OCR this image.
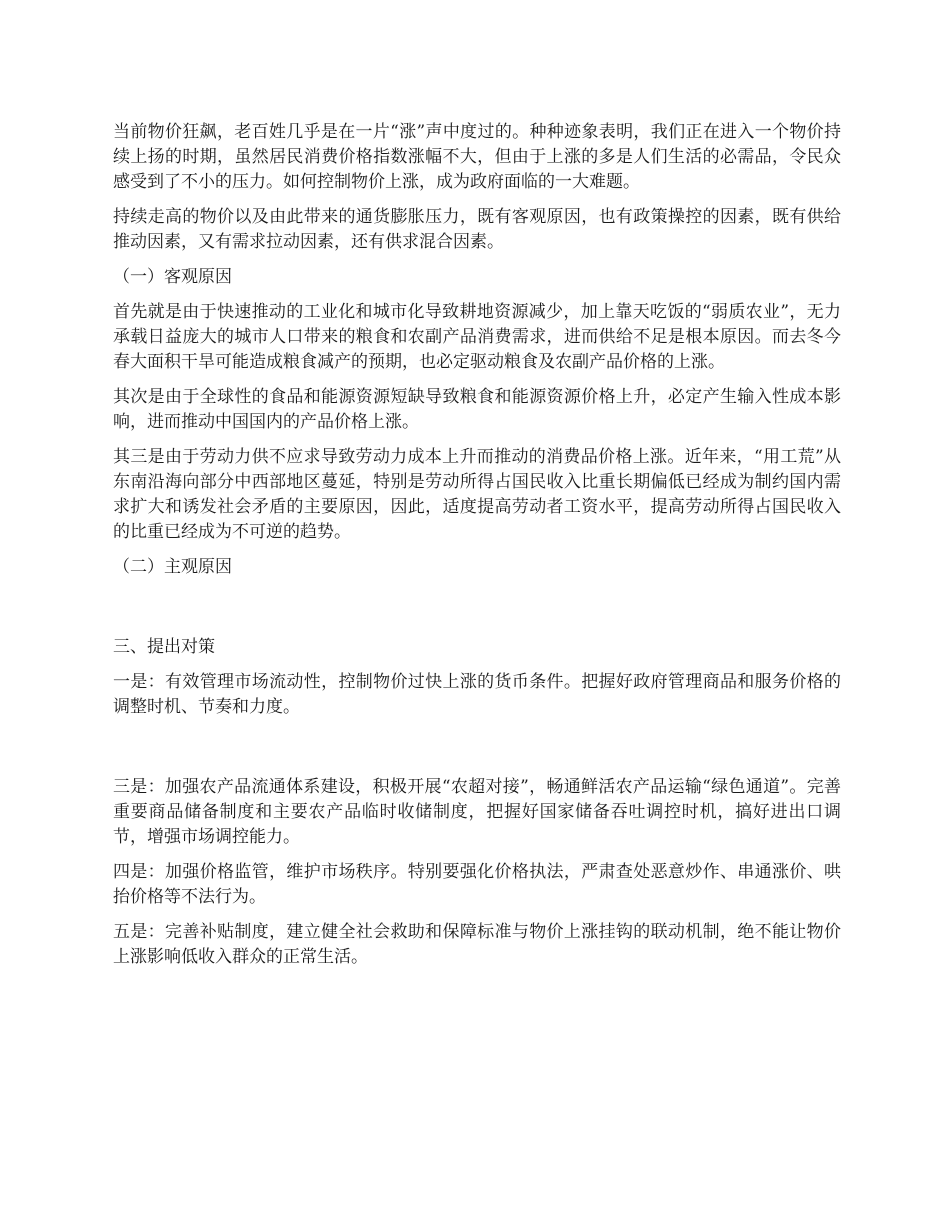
当前物价狂飙，老百姓几乎是在一片“涨”声中度过的。种种迹象表明，我们正在进入一个物价持续上扬的时期，虽然居民消费价格指数涨幅不大，但由于上涨的多是人们生活的必需品，令民众感受到了不小的压力。如何控制物价上涨，成为政府面临的一大难题。

持续走高的物价以及由此带来的通货膨胀压力，既有客观原因，也有政策操控的因素，既有供给推动因素，又有需求拉动因素，还有供求混合因素。

（一）客观原因

首先就是由于快速推动的工业化和城市化导致耕地资源减少，加上靠天吃饭的“弱质农业”，无力承载日益庞大的城市人口带来的粮食和农副产品消费需求，进而供给不足是根本原因。而去冬今春大面积干旱可能造成粮食减产的预期，也必定驱动粮食及农副产品价格的上涨。

其次是由于全球性的食品和能源资源短缺导致粮食和能源资源价格上升，必定产生输入性成本影响，进而推动中国国内的产品价格上涨。

其三是由于劳动力供不应求导致劳动力成本上升而推动的消费品价格上涨。近年来，“用工荒”从东南沿海向部分中西部地区蔓延，特别是劳动所得占国民收入比重长期偏低已经成为制约国内需求扩大和诱发社会矛盾的主要原因，因此，适度提高劳动者工资水平，提高劳动所得占国民收入的比重已经成为不可逆的趋势。

（二）主观原因

三、提出对策

一是：有效管理市场流动性，控制物价过快上涨的货币条件。把握好政府管理商品和服务价格的调整时机、节奏和力度。

三是：加强农产品流通体系建设，积极开展“农超对接”，畅通鲜活农产品运输“绿色通道”。完善重要商品储备制度和主要农产品临时收储制度，把握好国家储备吞吐调控时机，搞好进出口调节，增强市场调控能力。

四是：加强价格监管，维护市场秩序。特别要强化价格执法，严肃查处恶意炒作、串通涨价、哄抬价格等不法行为。

五是：完善补贴制度，建立健全社会救助和保障标准与物价上涨挂钩的联动机制，绝不能让物价上涨影响低收入群众的正常生活。
